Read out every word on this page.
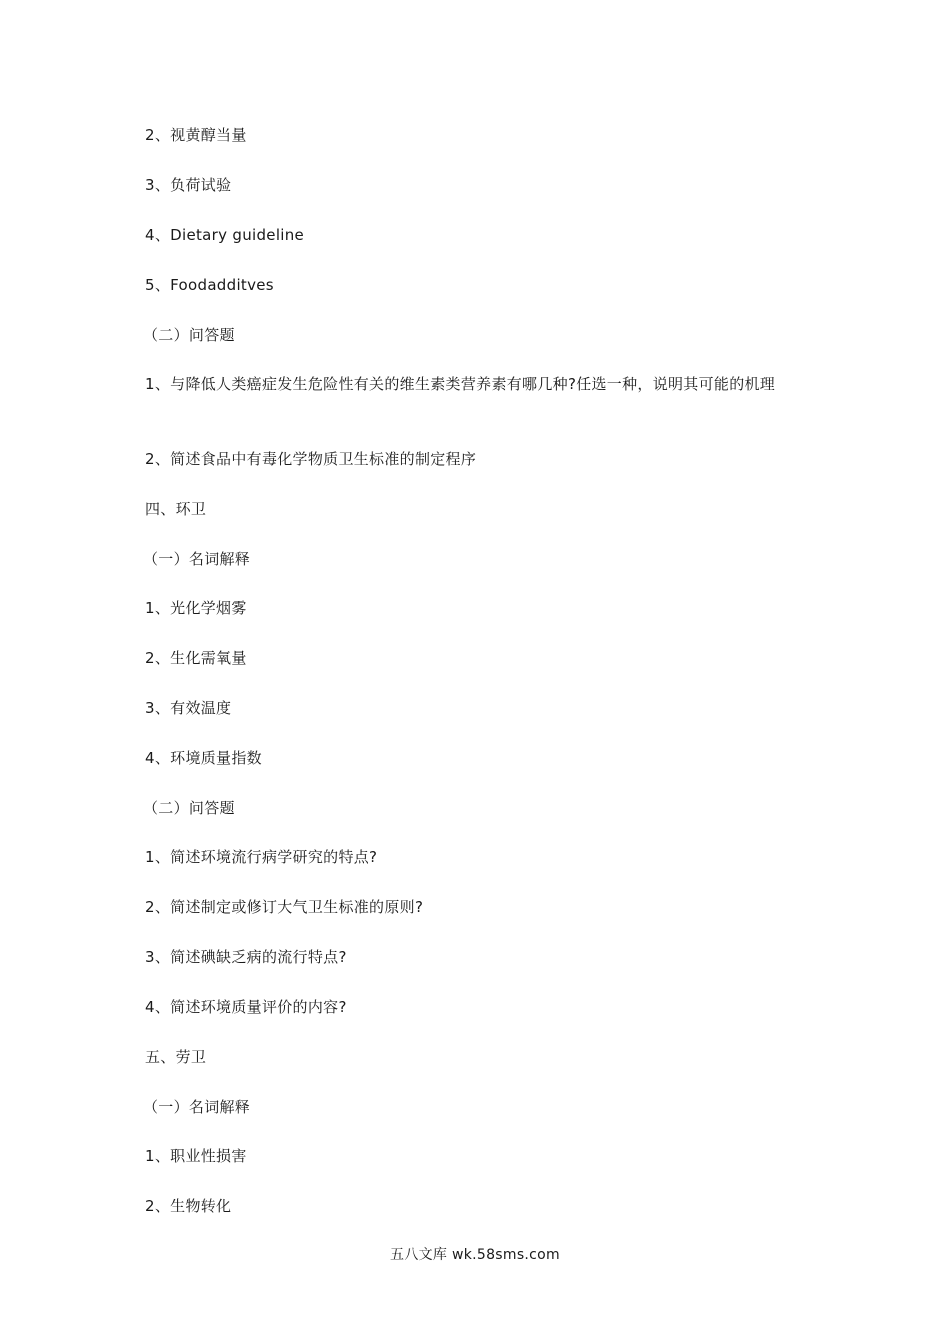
2、视黄醇当量
3、负荷试验
4、Dietary guideline
5、Foodadditves
（二）问答题
1、与降低人类癌症发生危险性有关的维生素类营养素有哪几种?任选一种，说明其可能的机理
2、简述食品中有毒化学物质卫生标准的制定程序
四、环卫
（一）名词解释
1、光化学烟雾
2、生化需氧量
3、有效温度
4、环境质量指数
（二）问答题
1、简述环境流行病学研究的特点?
2、简述制定或修订大气卫生标准的原则?
3、简述碘缺乏病的流行特点?
4、简述环境质量评价的内容?
五、劳卫
（一）名词解释
1、职业性损害
2、生物转化
五八文库 wk.58sms.com
